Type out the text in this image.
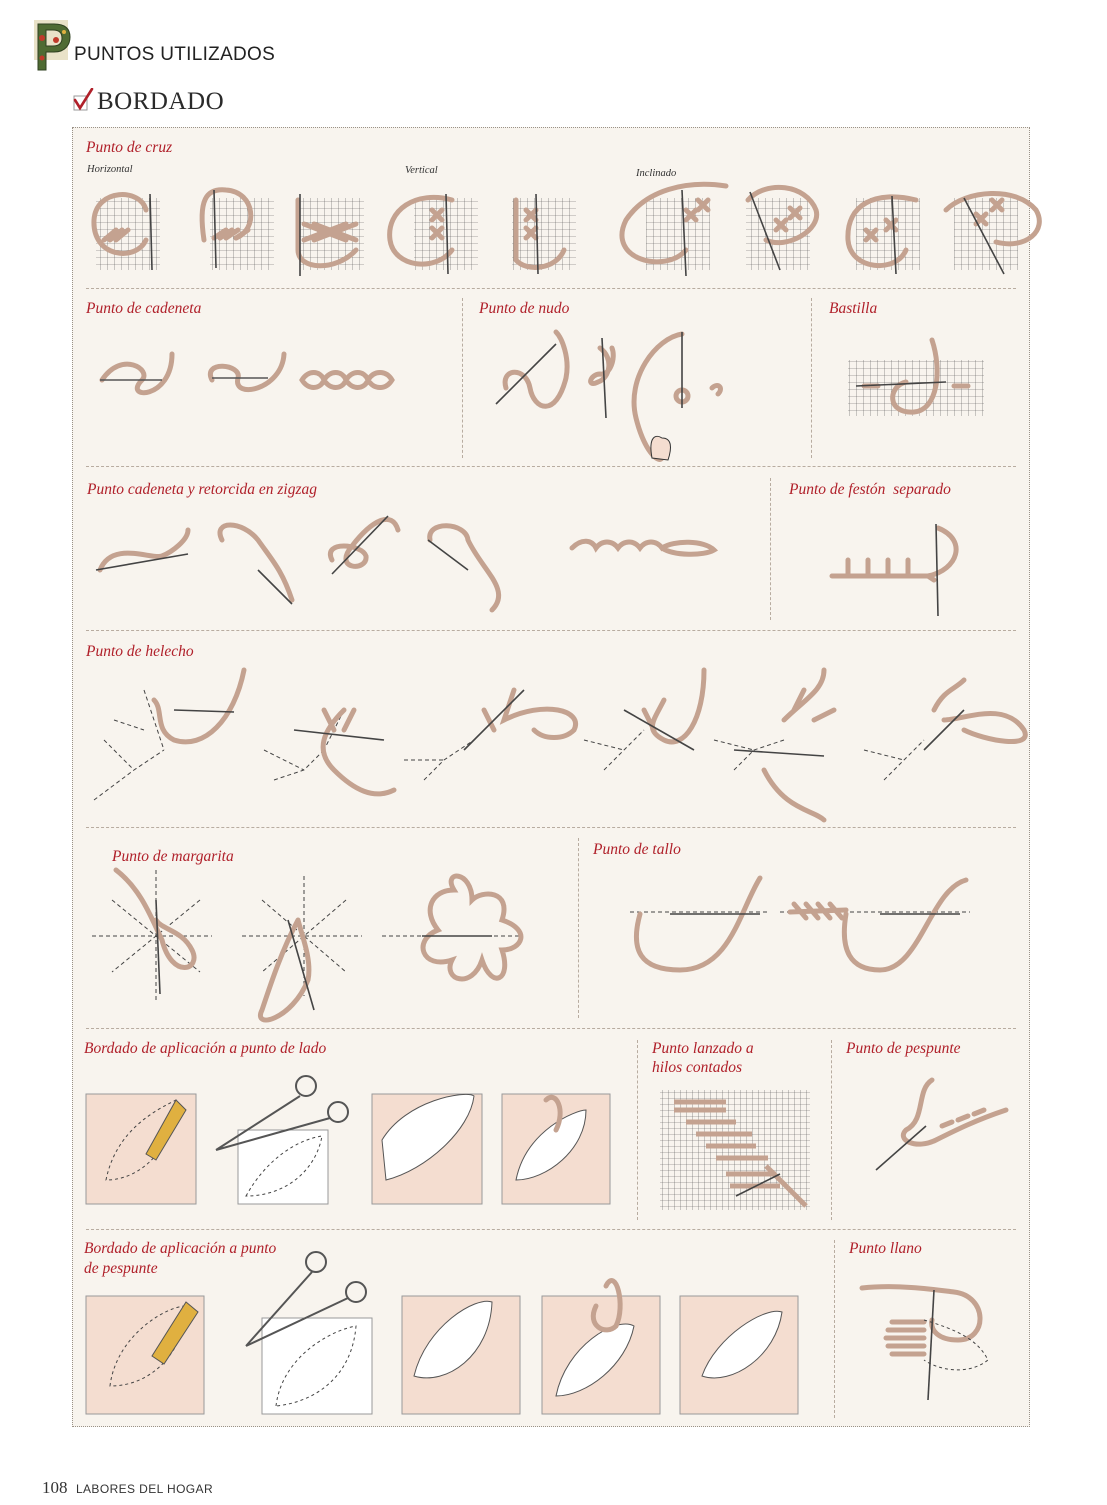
PUNTOS UTILIZADOS
BORDADO
Punto de cruz
Horizontal	Vertical	Inclinado
Punto de cadeneta	Punto de nudo	Bastilla
Punto cadeneta y retorcida en zigzag	Punto de festón  separado
Punto de helecho
Punto de margarita	Punto de tallo
Bordado de aplicación a punto de lado	Punto lanzado a
hilos contados
Punto de pespunte
Bordado de aplicación a punto
de pespunte
Punto llano
108 LABORES DEL HOGAR
